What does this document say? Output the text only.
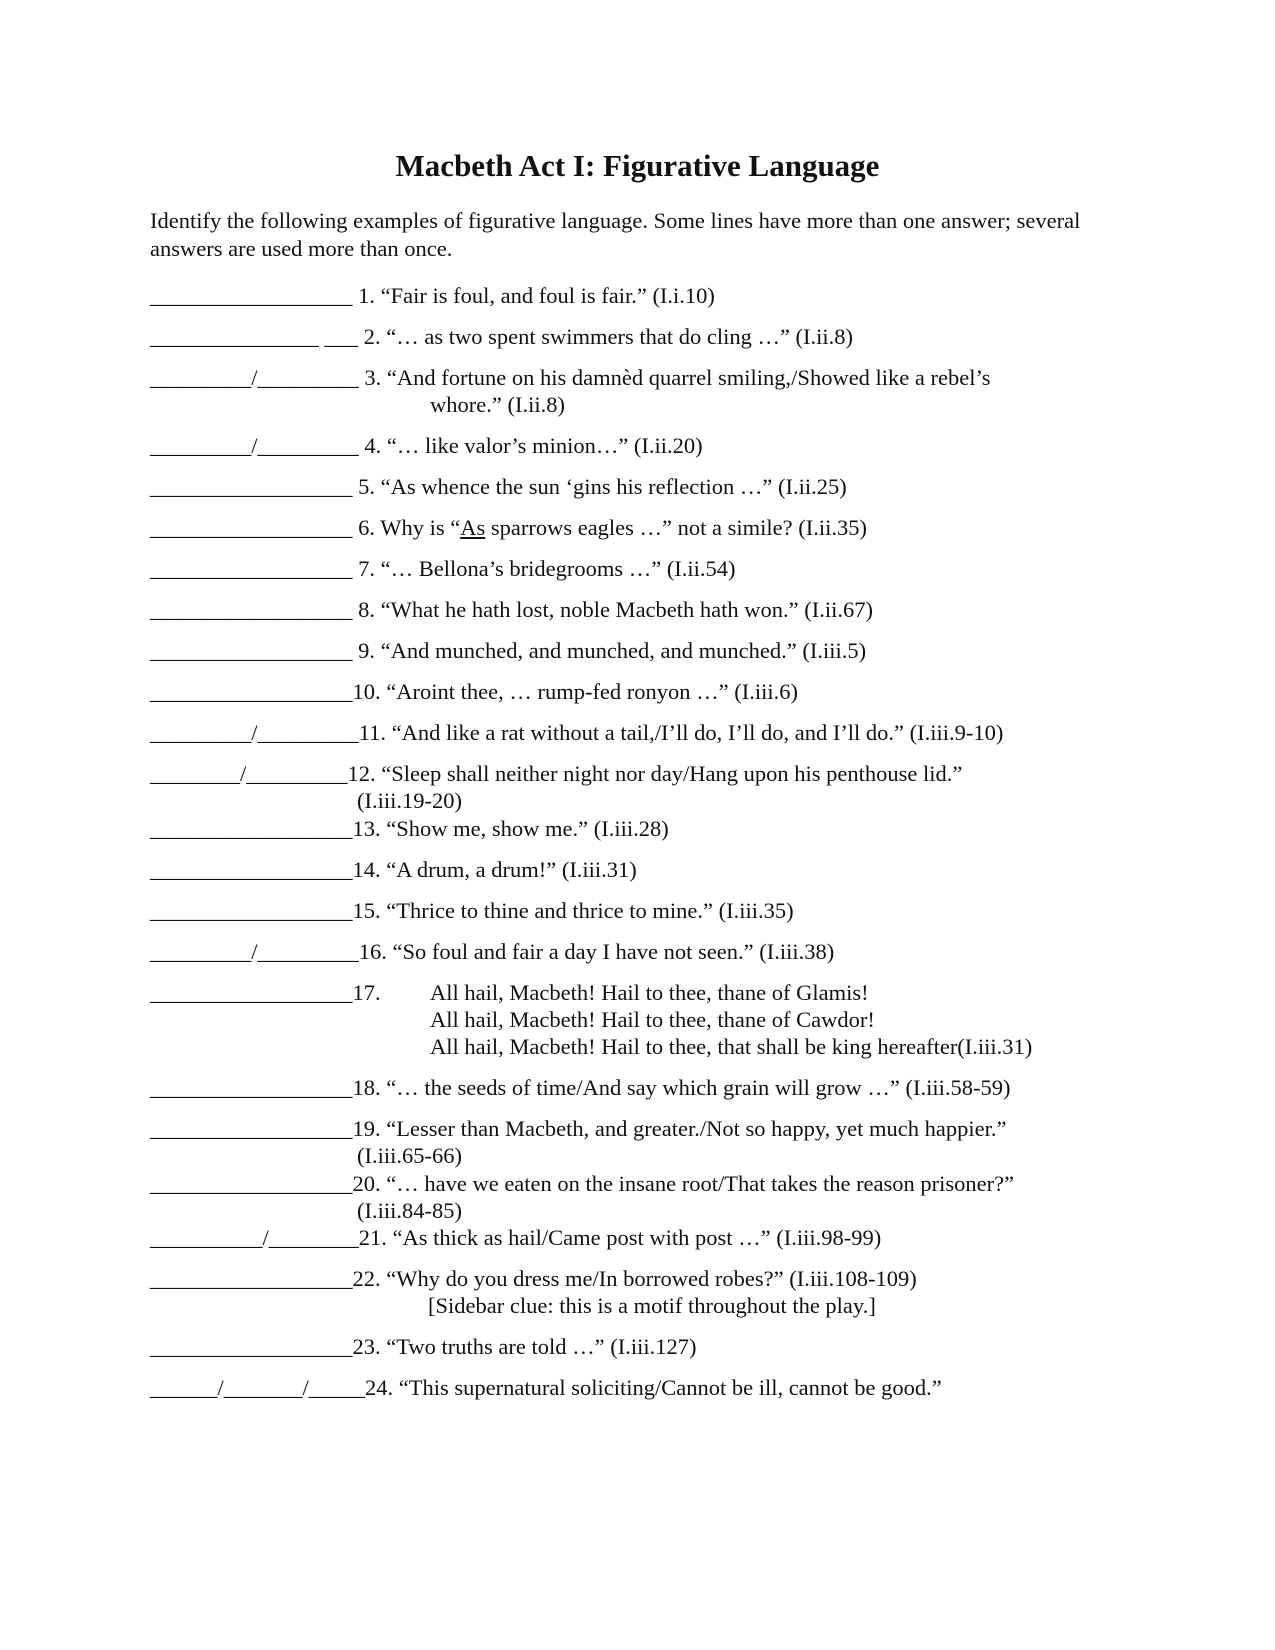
Macbeth Act I: Figurative Language
Identify the following examples of figurative language. Some lines have more than one answer; several answers are used more than once.
__________________ 1. “Fair is foul, and foul is fair.” (I.i.10)
_______________ ___ 2. “… as two spent swimmers that do cling …” (I.ii.8)
_________/_________ 3. “And fortune on his damnèd quarrel smiling,/Showed like a rebel’s
whore.” (I.ii.8)
_________/_________ 4. “… like valor’s minion…” (I.ii.20)
__________________ 5. “As whence the sun ‘gins his reflection …” (I.ii.25)
__________________ 6. Why is “As sparrows eagles …” not a simile? (I.ii.35)
__________________ 7. “… Bellona’s bridegrooms …” (I.ii.54)
__________________ 8. “What he hath lost, noble Macbeth hath won.” (I.ii.67)
__________________ 9. “And munched, and munched, and munched.” (I.iii.5)
__________________10. “Aroint thee, … rump-fed ronyon …” (I.iii.6)
_________/_________11. “And like a rat without a tail,/I’ll do, I’ll do, and I’ll do.” (I.iii.9-10)
________/_________12. “Sleep shall neither night nor day/Hang upon his penthouse lid.”
(I.iii.19-20)
__________________13. “Show me, show me.” (I.iii.28)
__________________14. “A drum, a drum!” (I.iii.31)
__________________15. “Thrice to thine and thrice to mine.” (I.iii.35)
_________/_________16. “So foul and fair a day I have not seen.” (I.iii.38)
__________________17. All hail, Macbeth! Hail to thee, thane of Glamis!
All hail, Macbeth! Hail to thee, thane of Cawdor!
All hail, Macbeth! Hail to thee, that shall be king hereafter(I.iii.31)
__________________18. “… the seeds of time/And say which grain will grow …” (I.iii.58-59)
__________________19. “Lesser than Macbeth, and greater./Not so happy, yet much happier.”
(I.iii.65-66)
__________________20. “… have we eaten on the insane root/That takes the reason prisoner?”
(I.iii.84-85)
__________/________21. “As thick as hail/Came post with post …” (I.iii.98-99)
__________________22. “Why do you dress me/In borrowed robes?” (I.iii.108-109)
[Sidebar clue: this is a motif throughout the play.]
__________________23. “Two truths are told …” (I.iii.127)
______/_______/_____24. “This supernatural soliciting/Cannot be ill, cannot be good.”
